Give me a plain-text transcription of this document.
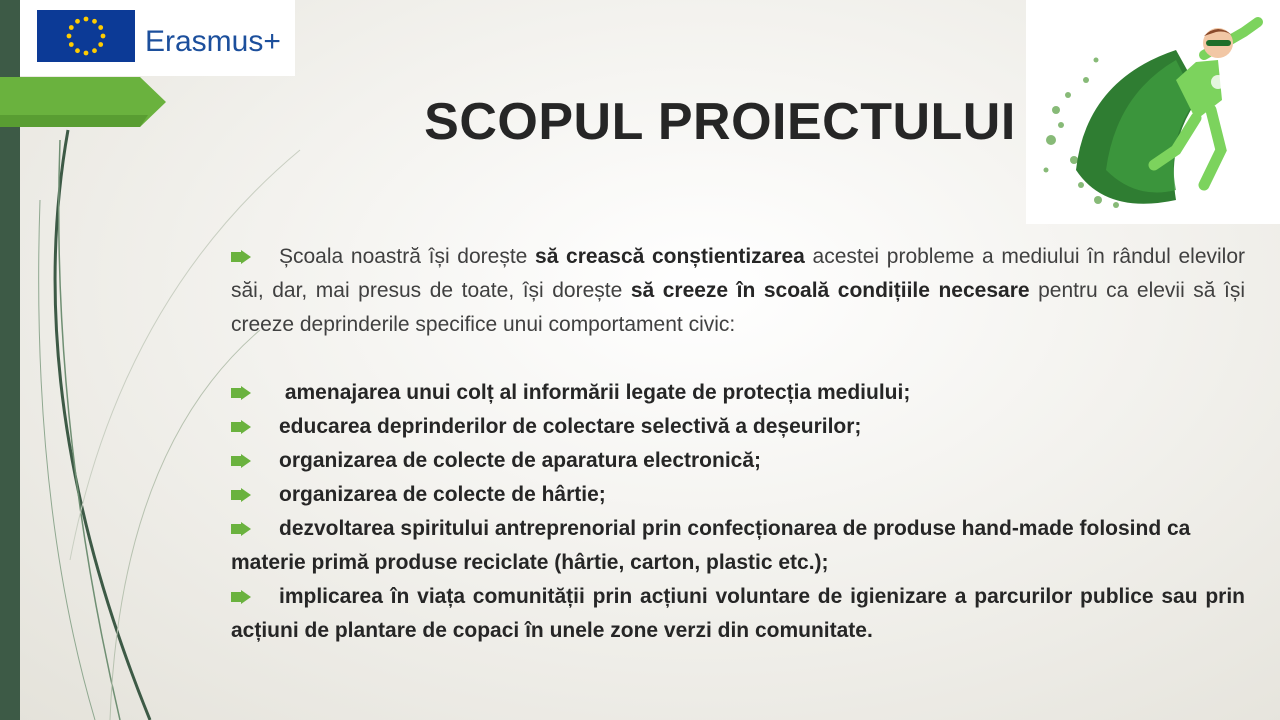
Erasmus+
SCOPUL PROIECTULUI
Școala noastră își dorește să crească conștientizarea acestei probleme a mediului în rândul elevilor săi, dar, mai presus de toate, își dorește să creeze în scoală condițiile necesare pentru ca elevii să își creeze deprinderile specifice unui comportament civic:
amenajarea unui colț al informării legate de protecția mediului;
educarea deprinderilor de colectare selectivă a deșeurilor;
organizarea de colecte de aparatura electronică;
organizarea de colecte de hârtie;
dezvoltarea spiritului antreprenorial prin confecționarea de produse hand-made folosind ca materie primă produse reciclate (hârtie, carton, plastic etc.);
implicarea în viața comunității prin acțiuni voluntare de igienizare a parcurilor publice sau prin acțiuni de plantare de copaci în unele zone verzi din comunitate.
